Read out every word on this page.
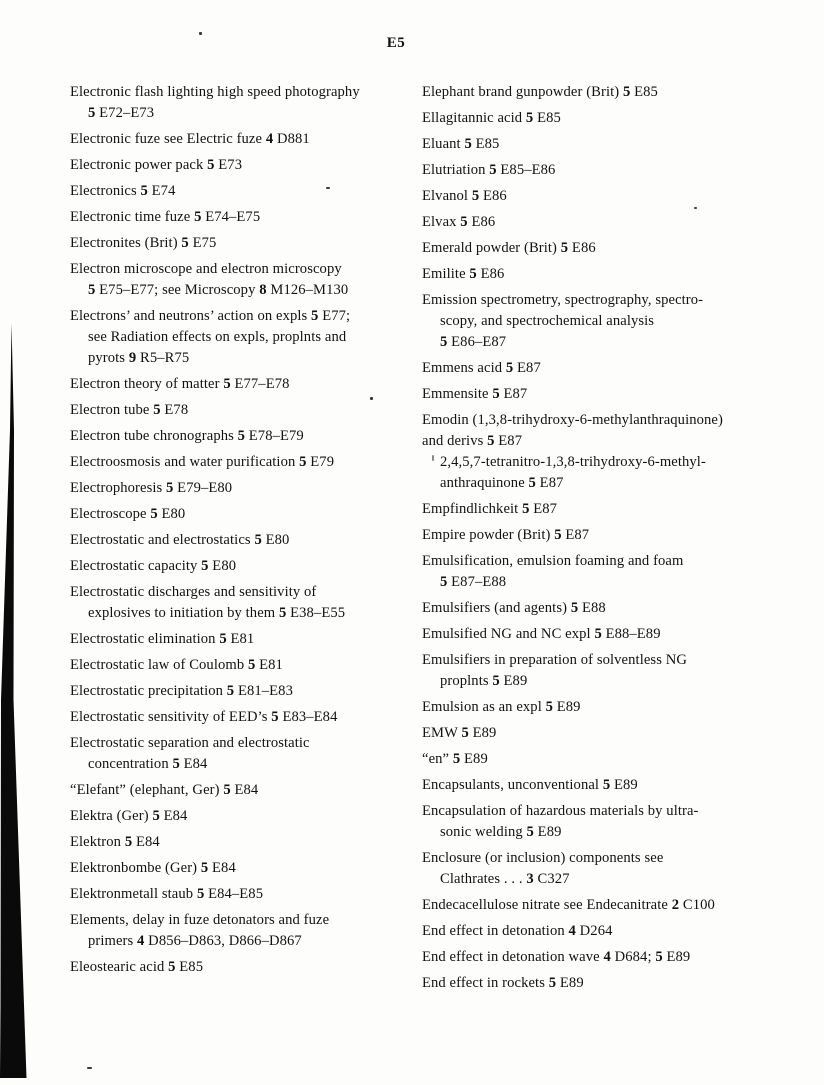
E5
Electronic flash lighting high speed photography
5 E72–E73
Electronic fuze see Electric fuze 4 D881
Electronic power pack 5 E73
Electronics 5 E74
Electronic time fuze 5 E74–E75
Electronites (Brit) 5 E75
Electron microscope and electron microscopy
5 E75–E77; see Microscopy 8 M126–M130
Electrons’ and neutrons’ action on expls 5 E77;
see Radiation effects on expls, proplnts and
pyrots 9 R5–R75
Electron theory of matter 5 E77–E78
Electron tube 5 E78
Electron tube chronographs 5 E78–E79
Electroosmosis and water purification 5 E79
Electrophoresis 5 E79–E80
Electroscope 5 E80
Electrostatic and electrostatics 5 E80
Electrostatic capacity 5 E80
Electrostatic discharges and sensitivity of
explosives to initiation by them 5 E38–E55
Electrostatic elimination 5 E81
Electrostatic law of Coulomb 5 E81
Electrostatic precipitation 5 E81–E83
Electrostatic sensitivity of EED’s 5 E83–E84
Electrostatic separation and electrostatic
concentration 5 E84
“Elefant” (elephant, Ger) 5 E84
Elektra (Ger) 5 E84
Elektron 5 E84
Elektronbombe (Ger) 5 E84
Elektronmetall staub 5 E84–E85
Elements, delay in fuze detonators and fuze
primers 4 D856–D863, D866–D867
Eleostearic acid 5 E85
Elephant brand gunpowder (Brit) 5 E85
Ellagitannic acid 5 E85
Eluant 5 E85
Elutriation 5 E85–E86
Elvanol 5 E86
Elvax 5 E86
Emerald powder (Brit) 5 E86
Emilite 5 E86
Emission spectrometry, spectrography, spectro-
scopy, and spectrochemical analysis
5 E86–E87
Emmens acid 5 E87
Emmensite 5 E87
Emodin (1,3,8-trihydroxy-6-methylanthraquinone)
and derivs 5 E87
2,4,5,7-tetranitro-1,3,8-trihydroxy-6-methyl-
anthraquinone 5 E87
Empfindlichkeit 5 E87
Empire powder (Brit) 5 E87
Emulsification, emulsion foaming and foam
5 E87–E88
Emulsifiers (and agents) 5 E88
Emulsified NG and NC expl 5 E88–E89
Emulsifiers in preparation of solventless NG
proplnts 5 E89
Emulsion as an expl 5 E89
EMW 5 E89
“en” 5 E89
Encapsulants, unconventional 5 E89
Encapsulation of hazardous materials by ultra-
sonic welding 5 E89
Enclosure (or inclusion) components see
Clathrates . . . 3 C327
Endecacellulose nitrate see Endecanitrate 2 C100
End effect in detonation 4 D264
End effect in detonation wave 4 D684; 5 E89
End effect in rockets 5 E89
